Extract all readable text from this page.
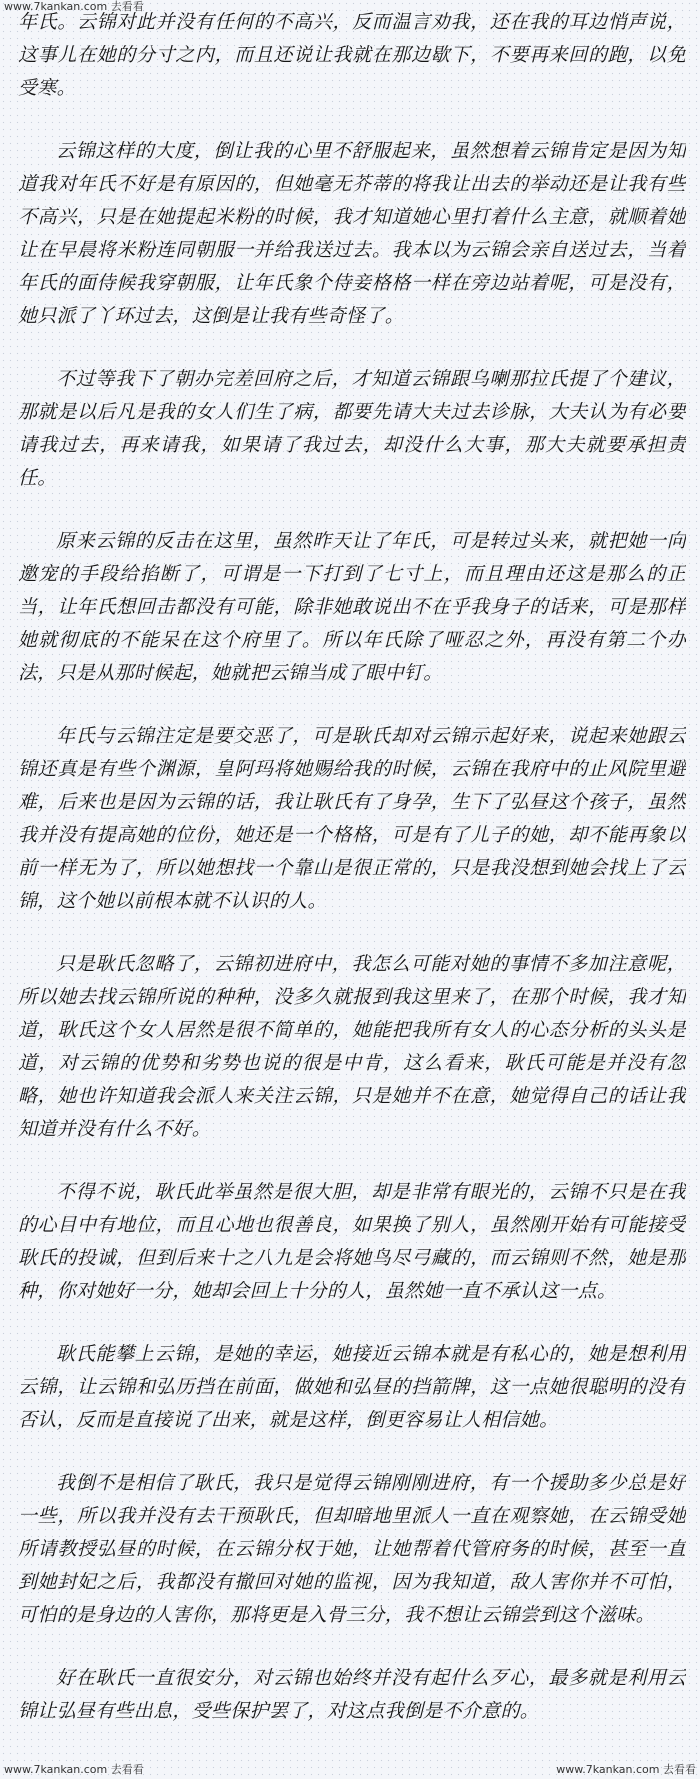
www.7kankan.com 去看看

年氏。云锦对此并没有任何的不高兴，反而温言劝我，还在我的耳边悄声说，这事儿在她的分寸之内，而且还说让我就在那边歇下，不要再来回的跑，以免受寒。

云锦这样的大度，倒让我的心里不舒服起来，虽然想着云锦肯定是因为知道我对年氏不好是有原因的，但她毫无芥蒂的将我让出去的举动还是让我有些不高兴，只是在她提起米粉的时候，我才知道她心里打着什么主意，就顺着她让在早晨将米粉连同朝服一并给我送过去。我本以为云锦会亲自送过去，当着年氏的面侍候我穿朝服，让年氏象个侍妾格格一样在旁边站着呢，可是没有，她只派了丫环过去，这倒是让我有些奇怪了。

不过等我下了朝办完差回府之后，才知道云锦跟乌喇那拉氏提了个建议，那就是以后凡是我的女人们生了病，都要先请大夫过去诊脉，大夫认为有必要请我过去，再来请我，如果请了我过去，却没什么大事，那大夫就要承担责任。

原来云锦的反击在这里，虽然昨天让了年氏，可是转过头来，就把她一向邀宠的手段给掐断了，可谓是一下打到了七寸上，而且理由还这是那么的正当，让年氏想回击都没有可能，除非她敢说出不在乎我身子的话来，可是那样她就彻底的不能呆在这个府里了。所以年氏除了哑忍之外，再没有第二个办法，只是从那时候起，她就把云锦当成了眼中钉。

年氏与云锦注定是要交恶了，可是耿氏却对云锦示起好来，说起来她跟云锦还真是有些个渊源，皇阿玛将她赐给我的时候，云锦在我府中的止风院里避难，后来也是因为云锦的话，我让耿氏有了身孕，生下了弘昼这个孩子，虽然我并没有提高她的位份，她还是一个格格，可是有了儿子的她，却不能再象以前一样无为了，所以她想找一个靠山是很正常的，只是我没想到她会找上了云锦，这个她以前根本就不认识的人。

只是耿氏忽略了，云锦初进府中，我怎么可能对她的事情不多加注意呢，所以她去找云锦所说的种种，没多久就报到我这里来了，在那个时候，我才知道，耿氏这个女人居然是很不简单的，她能把我所有女人的心态分析的头头是道，对云锦的优势和劣势也说的很是中肯，这么看来，耿氏可能是并没有忽略，她也许知道我会派人来关注云锦，只是她并不在意，她觉得自己的话让我知道并没有什么不好。

不得不说，耿氏此举虽然是很大胆，却是非常有眼光的，云锦不只是在我的心目中有地位，而且心地也很善良，如果换了别人，虽然刚开始有可能接受耿氏的投诚，但到后来十之八九是会将她鸟尽弓藏的，而云锦则不然，她是那种，你对她好一分，她却会回上十分的人，虽然她一直不承认这一点。

耿氏能攀上云锦，是她的幸运，她接近云锦本就是有私心的，她是想利用云锦，让云锦和弘历挡在前面，做她和弘昼的挡箭牌，这一点她很聪明的没有否认，反而是直接说了出来，就是这样，倒更容易让人相信她。

我倒不是相信了耿氏，我只是觉得云锦刚刚进府，有一个援助多少总是好一些，所以我并没有去干预耿氏，但却暗地里派人一直在观察她，在云锦受她所请教授弘昼的时候，在云锦分权于她，让她帮着代管府务的时候，甚至一直到她封妃之后，我都没有撤回对她的监视，因为我知道，敌人害你并不可怕，可怕的是身边的人害你，那将更是入骨三分，我不想让云锦尝到这个滋味。

好在耿氏一直很安分，对云锦也始终并没有起什么歹心，最多就是利用云锦让弘昼有些出息，受些保护罢了，对这点我倒是不介意的。

www.7kankan.com 去看看	www.7kankan.com 去看看
